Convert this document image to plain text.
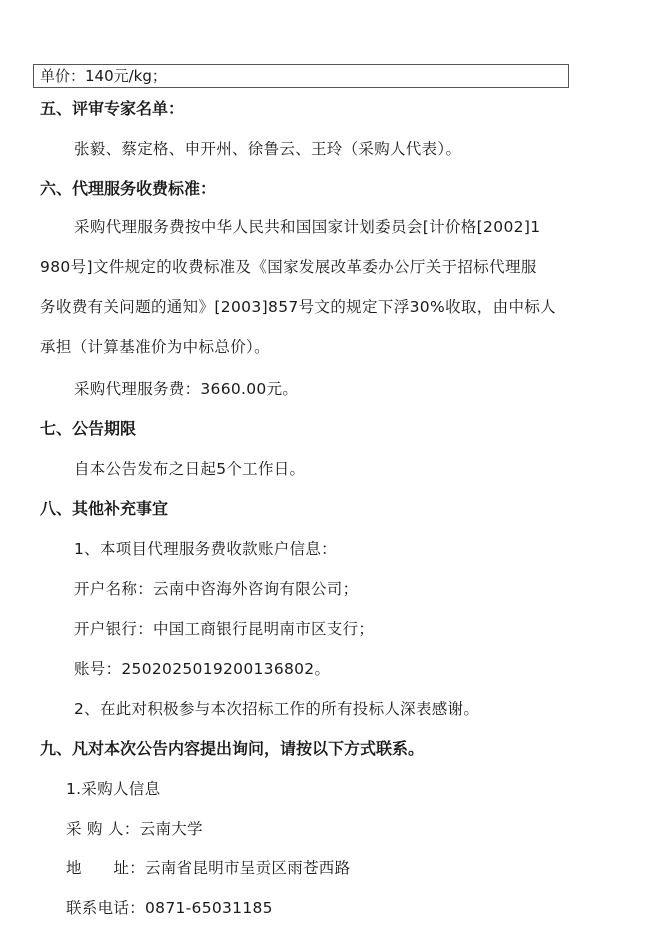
单价：140元/kg；
五、评审专家名单：
张毅、蔡定格、申开州、徐鲁云、王玲（采购人代表）。
六、代理服务收费标准：
采购代理服务费按中华人民共和国国家计划委员会[计价格[2002]1
980号]文件规定的收费标准及《国家发展改革委办公厅关于招标代理服
务收费有关问题的通知》[2003]857号文的规定下浮30%收取，由中标人
承担（计算基准价为中标总价）。
采购代理服务费：3660.00元。
七、公告期限
自本公告发布之日起5个工作日。
八、其他补充事宜
1、本项目代理服务费收款账户信息：
开户名称：云南中咨海外咨询有限公司；
开户银行：中国工商银行昆明南市区支行；
账号：2502025019200136802。
2、在此对积极参与本次招标工作的所有投标人深表感谢。
九、凡对本次公告内容提出询问，请按以下方式联系。
1.采购人信息
采 购 人：云南大学
地　　址：云南省昆明市呈贡区雨苍西路
联系电话：0871-65031185
